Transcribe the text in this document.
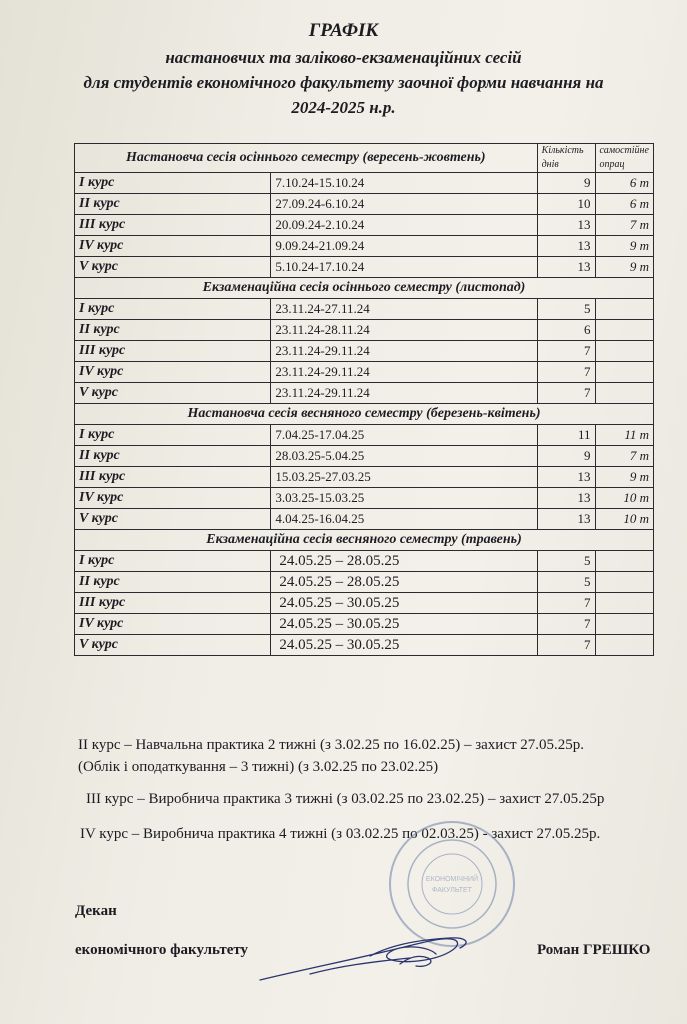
ГРАФІК

настановчих та заліково-екзаменаційних сесій

для студентів економічного факультету заочної форми навчання на

2024-2025 н.р.

Настановча сесія осіннього семестру (вересень-жовтень)		Кількість днів	самостійне опрац
I курс	7.10.24-15.10.24	9	6 т
II курс	27.09.24-6.10.24	10	6 т
III курс	20.09.24-2.10.24	13	7 т
IV курс	9.09.24-21.09.24	13	9 т
V курс	5.10.24-17.10.24	13	9 т
Екзаменаційна сесія осіннього семестру (листопад)			
I курс	23.11.24-27.11.24	5	
II курс	23.11.24-28.11.24	6	
III курс	23.11.24-29.11.24	7	
IV курс	23.11.24-29.11.24	7	
V курс	23.11.24-29.11.24	7	
Настановча сесія весняного семестру (березень-квітень)			
I курс	7.04.25-17.04.25	11	11 т
II курс	28.03.25-5.04.25	9	7 т
III курс	15.03.25-27.03.25	13	9 т
IV курс	3.03.25-15.03.25	13	10 т
V курс	4.04.25-16.04.25	13	10 т
Екзаменаційна сесія весняного семестру (травень)			
I курс	24.05.25 – 28.05.25	5	
II курс	24.05.25 – 28.05.25	5	
III курс	24.05.25 – 30.05.25	7	
IV курс	24.05.25 – 30.05.25	7	
V курс	24.05.25 – 30.05.25	7	

II курс – Навчальна практика 2 тижні (з 3.02.25 по 16.02.25) – захист 27.05.25р.

(Облік і оподаткування – 3 тижні) (з 3.02.25 по 23.02.25)

III курс – Виробнича практика 3 тижні (з 03.02.25 по 23.02.25) – захист 27.05.25р

IV курс – Виробнича практика 4 тижні (з 03.02.25 по 02.03.25) - захист 27.05.25р.

ЕКОНОМІЧНИЙ
ФАКУЛЬТЕТ

Декан

економічного факультету	Роман ГРЕШКО
